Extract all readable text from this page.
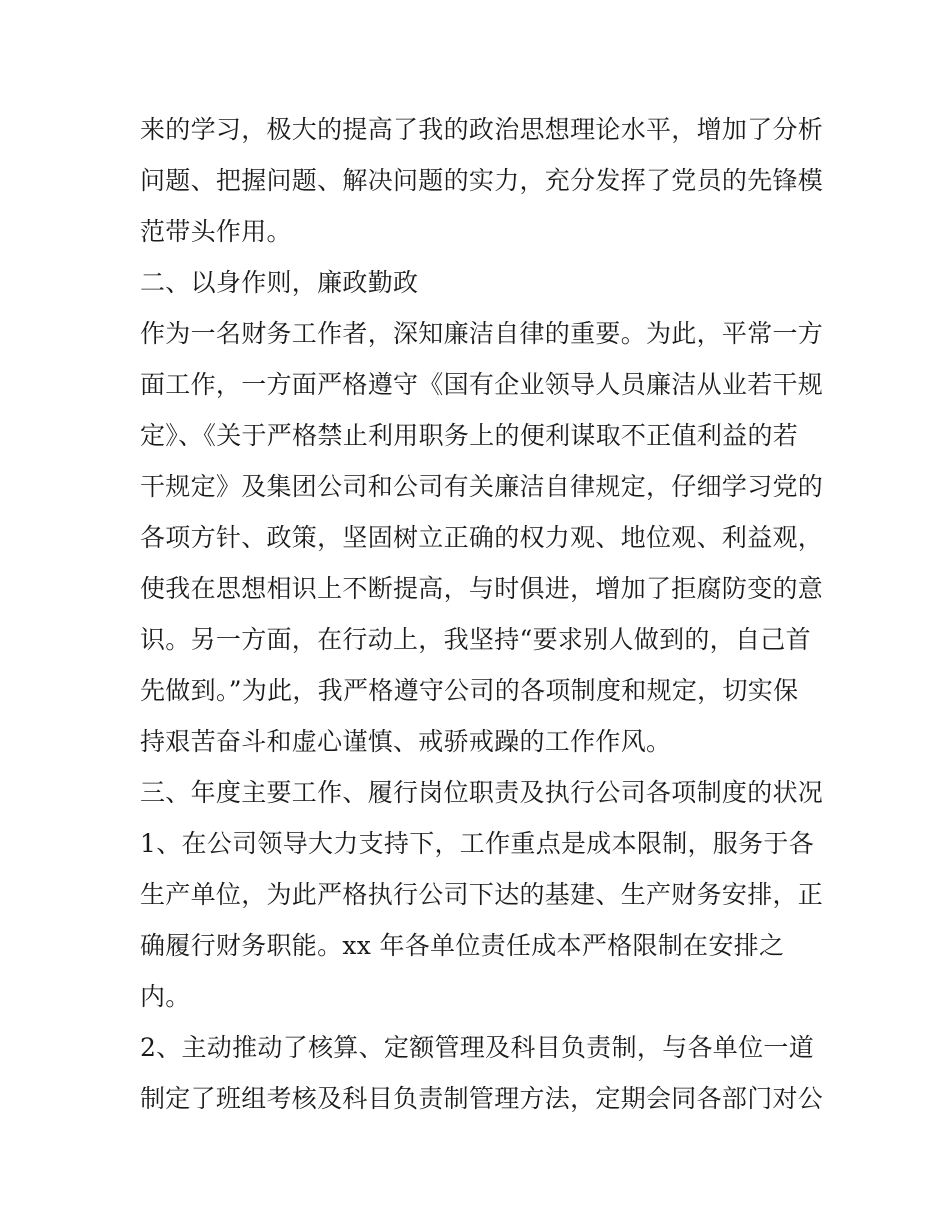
来的学习，极大的提高了我的政治思想理论水平，增加了分析
问题、把握问题、解决问题的实力，充分发挥了党员的先锋模
范带头作用。
二、以身作则，廉政勤政
作为一名财务工作者，深知廉洁自律的重要。为此，平常一方
面工作，一方面严格遵守《国有企业领导人员廉洁从业若干规
定》、《关于严格禁止利用职务上的便利谋取不正值利益的若
干规定》及集团公司和公司有关廉洁自律规定，仔细学习党的
各项方针、政策，坚固树立正确的权力观、地位观、利益观，
使我在思想相识上不断提高，与时俱进，增加了拒腐防变的意
识。另一方面，在行动上，我坚持“要求别人做到的，自己首
先做到。”为此，我严格遵守公司的各项制度和规定，切实保
持艰苦奋斗和虚心谨慎、戒骄戒躁的工作作风。
三、年度主要工作、履行岗位职责及执行公司各项制度的状况
1、在公司领导大力支持下，工作重点是成本限制，服务于各
生产单位，为此严格执行公司下达的基建、生产财务安排，正
确履行财务职能。xx 年各单位责任成本严格限制在安排之
内。
2、主动推动了核算、定额管理及科目负责制，与各单位一道
制定了班组考核及科目负责制管理方法，定期会同各部门对公
